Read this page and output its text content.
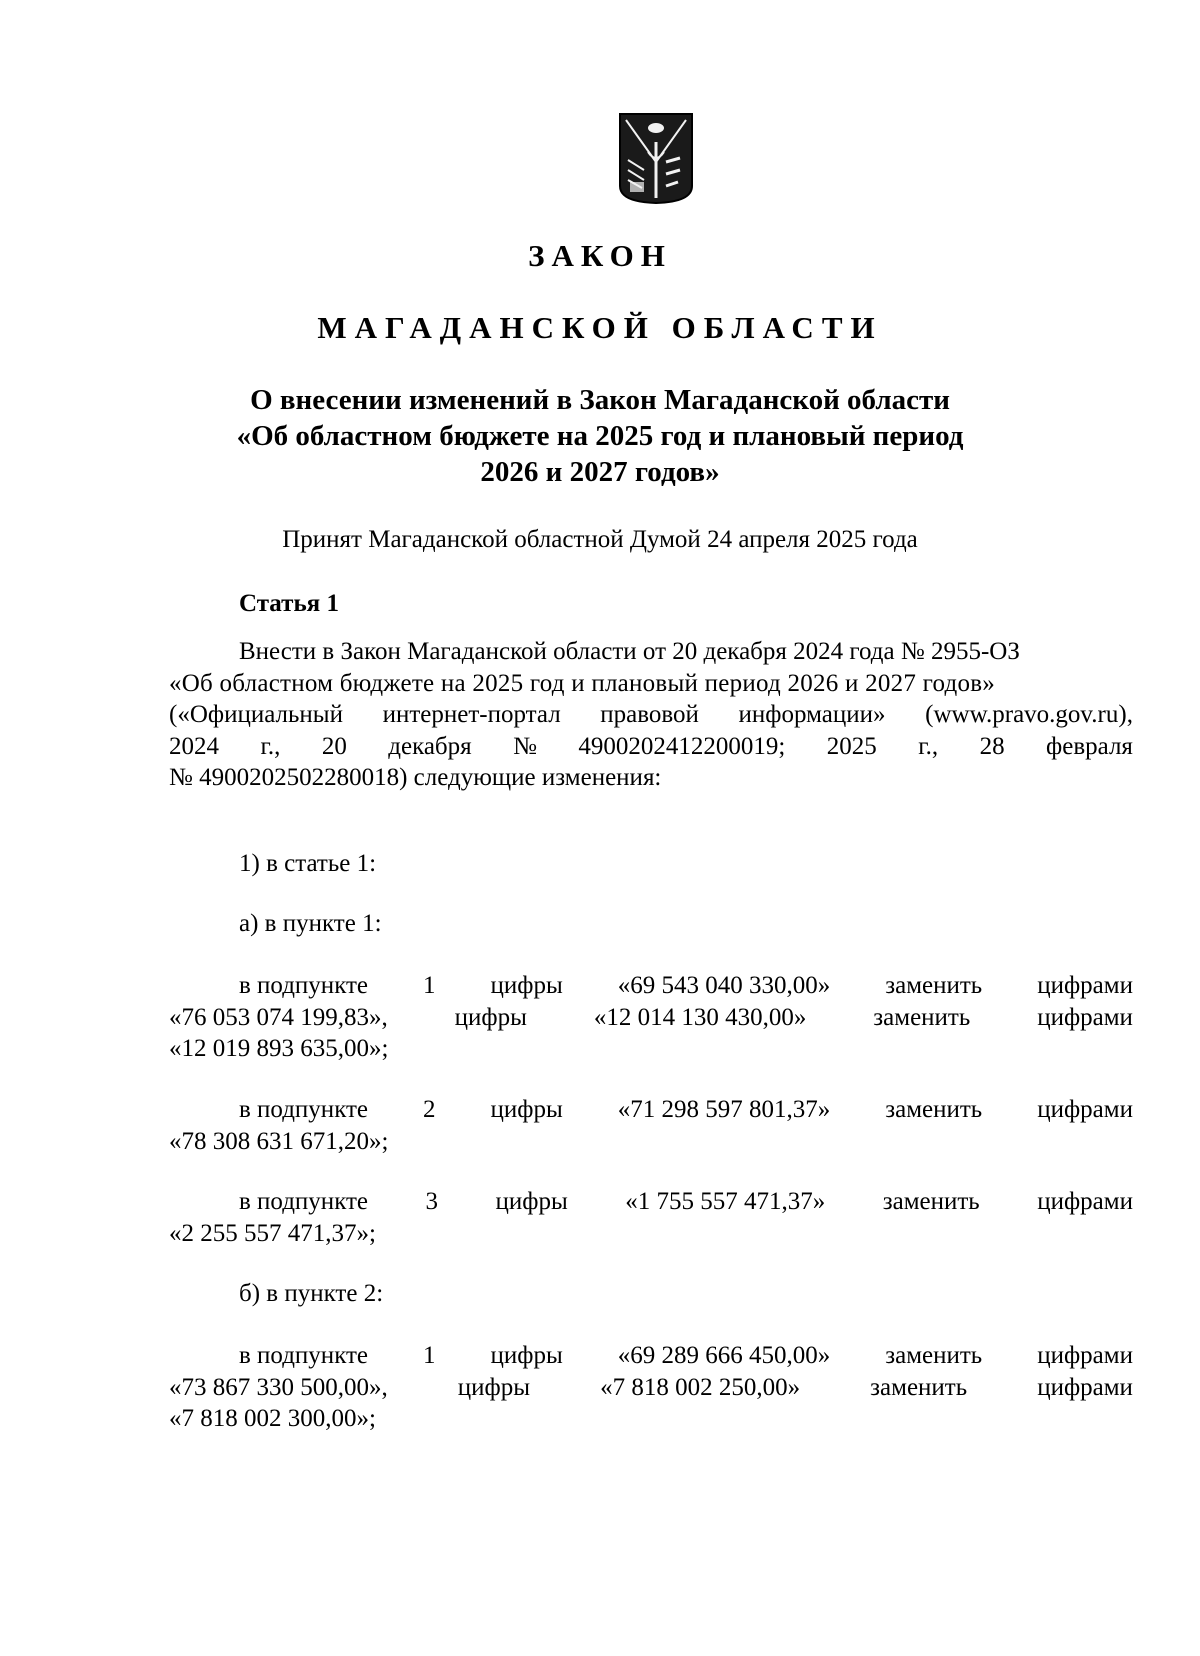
ЗАКОН
МАГАДАНСКОЙ ОБЛАСТИ
О внесении изменений в Закон Магаданской области
«Об областном бюджете на 2025 год и плановый период
2026 и 2027 годов»
Принят Магаданской областной Думой 24 апреля 2025 года
Статья 1
Внести в Закон Магаданской области от 20 декабря 2024 года № 2955-ОЗ
«Об областном бюджете на 2025 год и плановый период 2026 и 2027 годов»
(«Официальный интернет-портал правовой информации» (www.pravo.gov.ru),
2024 г., 20 декабря № 4900202412200019; 2025 г., 28 февраля
№ 4900202502280018) следующие изменения:
1) в статье 1:
а) в пункте 1:
в подпункте 1 цифры «69 543 040 330,00» заменить цифрами
«76 053 074 199,83»,	цифры	«12 014 130 430,00»	заменить	цифрами
«12 019 893 635,00»;
в подпункте 2 цифры «71 298 597 801,37» заменить цифрами
«78 308 631 671,20»;
в подпункте 3 цифры «1 755 557 471,37» заменить цифрами
«2 255 557 471,37»;
б) в пункте 2:
в подпункте 1 цифры «69 289 666 450,00» заменить цифрами
«73 867 330 500,00»,	цифры	«7 818 002 250,00»	заменить	цифрами
«7 818 002 300,00»;
